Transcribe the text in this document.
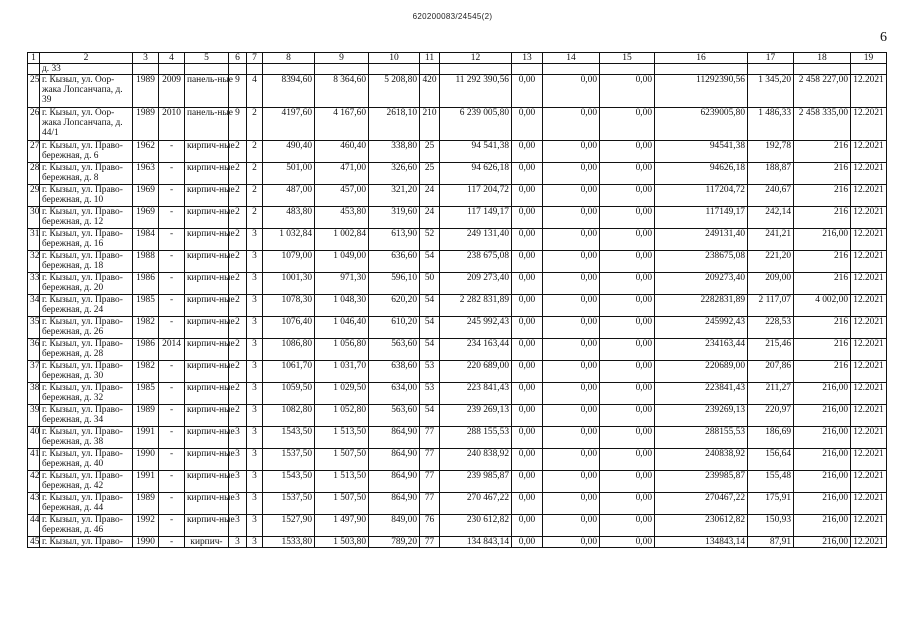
620200083/24545(2)
6
1	2	3	4	5	6	7	8	9	10	11	12	13	14	15	16	17	18	19
	д. 33																	
25	г. Кызыл, ул. Оор-жака Лопсанчапа, д. 39	1989	2009	панель-ные	9	4	8394,60	8 364,60	5 208,80	420	11 292 390,56	0,00	0,00	0,00	11292390,56	1 345,20	2 458 227,00	12.2021
26	г. Кызыл, ул. Оор-жака Лопсанчапа, д. 44/1	1989	2010	панель-ные	9	2	4197,60	4 167,60	2618,10	210	6 239 005,80	0,00	0,00	0,00	6239005,80	1 486,33	2 458 335,00	12.2021
27	г. Кызыл, ул. Право-бережная, д. 6	1962	-	кирпич-ные	2	2	490,40	460,40	338,80	25	94 541,38	0,00	0,00	0,00	94541,38	192,78	216	12.2021
28	г. Кызыл, ул. Право-бережная, д. 8	1963	-	кирпич-ные	2	2	501,00	471,00	326,60	25	94 626,18	0,00	0,00	0,00	94626,18	188,87	216	12.2021
29	г. Кызыл, ул. Право-бережная, д. 10	1969	-	кирпич-ные	2	2	487,00	457,00	321,20	24	117 204,72	0,00	0,00	0,00	117204,72	240,67	216	12.2021
30	г. Кызыл, ул. Право-бережная, д. 12	1969	-	кирпич-ные	2	2	483,80	453,80	319,60	24	117 149,17	0,00	0,00	0,00	117149,17	242,14	216	12.2021
31	г. Кызыл, ул. Право-бережная, д. 16	1984	-	кирпич-ные	2	3	1 032,84	1 002,84	613,90	52	249 131,40	0,00	0,00	0,00	249131,40	241,21	216,00	12.2021
32	г. Кызыл, ул. Право-бережная, д. 18	1988	-	кирпич-ные	2	3	1079,00	1 049,00	636,60	54	238 675,08	0,00	0,00	0,00	238675,08	221,20	216	12.2021
33	г. Кызыл, ул. Право-бережная, д. 20	1986	-	кирпич-ные	2	3	1001,30	971,30	596,10	50	209 273,40	0,00	0,00	0,00	209273,40	209,00	216	12.2021
34	г. Кызыл, ул. Право-бережная, д. 24	1985	-	кирпич-ные	2	3	1078,30	1 048,30	620,20	54	2 282 831,89	0,00	0,00	0,00	2282831,89	2 117,07	4 002,00	12.2021
35	г. Кызыл, ул. Право-бережная, д. 26	1982	-	кирпич-ные	2	3	1076,40	1 046,40	610,20	54	245 992,43	0,00	0,00	0,00	245992,43	228,53	216	12.2021
36	г. Кызыл, ул. Право-бережная, д. 28	1986	2014	кирпич-ные	2	3	1086,80	1 056,80	563,60	54	234 163,44	0,00	0,00	0,00	234163,44	215,46	216	12.2021
37	г. Кызыл, ул. Право-бережная, д. 30	1982	-	кирпич-ные	2	3	1061,70	1 031,70	638,60	53	220 689,00	0,00	0,00	0,00	220689,00	207,86	216	12.2021
38	г. Кызыл, ул. Право-бережная, д. 32	1985	-	кирпич-ные	2	3	1059,50	1 029,50	634,00	53	223 841,43	0,00	0,00	0,00	223841,43	211,27	216,00	12.2021
39	г. Кызыл, ул. Право-бережная, д. 34	1989	-	кирпич-ные	2	3	1082,80	1 052,80	563,60	54	239 269,13	0,00	0,00	0,00	239269,13	220,97	216,00	12.2021
40	г. Кызыл, ул. Право-бережная, д. 38	1991	-	кирпич-ные	3	3	1543,50	1 513,50	864,90	77	288 155,53	0,00	0,00	0,00	288155,53	186,69	216,00	12.2021
41	г. Кызыл, ул. Право-бережная, д. 40	1990	-	кирпич-ные	3	3	1537,50	1 507,50	864,90	77	240 838,92	0,00	0,00	0,00	240838,92	156,64	216,00	12.2021
42	г. Кызыл, ул. Право-бережная, д. 42	1991	-	кирпич-ные	3	3	1543,50	1 513,50	864,90	77	239 985,87	0,00	0,00	0,00	239985,87	155,48	216,00	12.2021
43	г. Кызыл, ул. Право-бережная, д. 44	1989	-	кирпич-ные	3	3	1537,50	1 507,50	864,90	77	270 467,22	0,00	0,00	0,00	270467,22	175,91	216,00	12.2021
44	г. Кызыл, ул. Право-бережная, д. 46	1992	-	кирпич-ные	3	3	1527,90	1 497,90	849,00	76	230 612,82	0,00	0,00	0,00	230612,82	150,93	216,00	12.2021
45	г. Кызыл, ул. Право-	1990	-	кирпич-	3	3	1533,80	1 503,80	789,20	77	134 843,14	0,00	0,00	0,00	134843,14	87,91	216,00	12.2021
